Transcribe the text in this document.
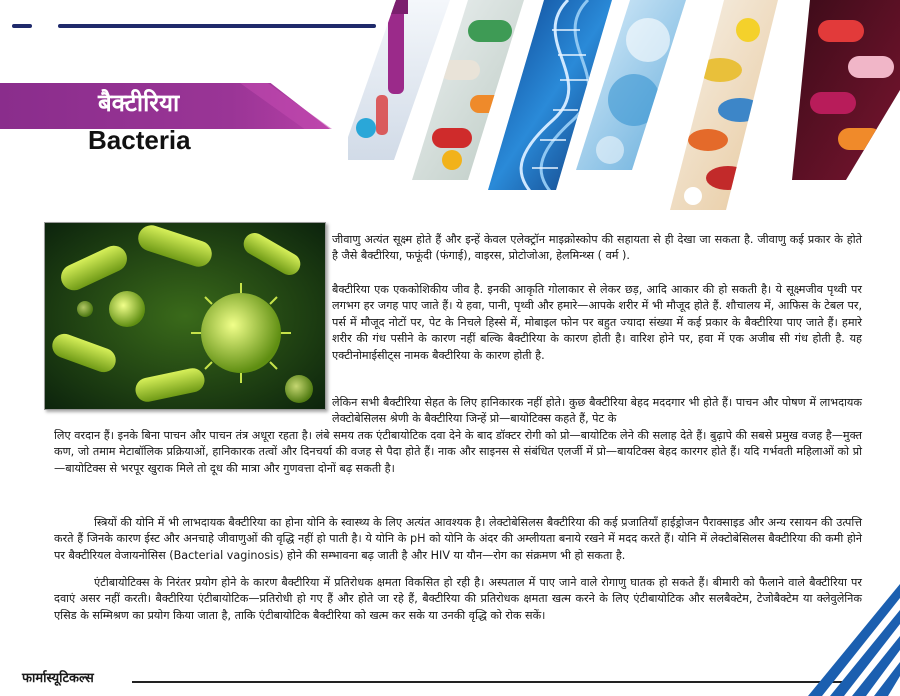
बैक्टीरिया
Bacteria

जीवाणु अत्यंत सूक्ष्म होते हैं और इन्हें केवल एलेक्ट्रॉन माइक्रोस्कोप की सहायता से ही देखा जा सकता है. जीवाणु कई प्रकार के होते है जैसे बैक्टीरिया, फफूंदी (फंगाई), वाइरस, प्रोटोजोआ, हेलमिन्थ्स ( वर्म ).

बैक्टीरिया एक एककोशिकीय जीव है. इनकी आकृति गोलाकार से लेकर छड़, आदि आकार की हो सकती है। ये सूक्ष्मजीव पृथ्वी पर लगभग हर जगह पाए जाते हैं। ये हवा, पानी, पृथ्वी और हमारे—आपके शरीर में भी मौजूद होते हैं. शौचालय में, आफिस के टेबल पर, पर्स में मौजूद नोटों पर, पेट के निचले हिस्से में, मोबाइल फोन पर बहुत ज्यादा संख्या में कई प्रकार के बैक्टीरिया पाए जाते हैं। हमारे शरीर की गंध पसीने के कारण नहीं बल्कि बैक्टीरिया के कारण होती है। वारिश होने पर, हवा में एक अजीब सी गंध होती है. यह एक्टीनोमाईसीट्स नामक बैक्टीरिया के कारण होती है.

लेकिन सभी बैक्टीरिया सेहत के लिए हानिकारक नहीं होते। कुछ बैक्टीरिया बेहद मददगार भी होते हैं। पाचन और पोषण में लाभदायक लेक्टोबेसिलस श्रेणी के बैक्टीरिया जिन्हें प्रो—बायोटिक्स कहते हैं, पेट के

लिए वरदान हैं। इनके बिना पाचन और पाचन तंत्र अधूरा रहता है। लंबे समय तक एंटीबायोटिक दवा देने के बाद डॉक्टर रोगी को प्रो—बायोटिक लेने की सलाह देते हैं। बुढ़ापे की सबसे प्रमुख वजह है—मुक्त कण, जो तमाम मेटाबॉलिक प्रक्रियाओं, हानिकारक तत्वों और दिनचर्या की वजह से पैदा होते हैं। नाक और साइनस से संबंधित एलर्जी में प्रो—बायटिक्स बेहद कारगर होते हैं। यदि गर्भवती महिलाओं को प्रो—बायोटिक्स से भरपूर खुराक मिले तो दूध की मात्रा और गुणवत्ता दोनों बढ़ सकती है।

स्त्रियों की योनि में भी लाभदायक बैक्टीरिया का होना योनि के स्वास्थ्य के लिए अत्यंत आवश्यक है। लेक्टोबेसिलस बैक्टीरिया की कई प्रजातियाँ हाईड्रोजन पैराक्साइड और अन्य रसायन की उत्पत्ति करते हैं जिनके कारण ईस्ट और अनचाहे जीवाणुओं की वृद्धि नहीं हो पाती है। ये योनि के pH को योनि के अंदर की अम्लीयता बनाये रखने में मदद करते हैं। योनि में लेक्टोबेसिलस बैक्टीरिया की कमी होने पर बैक्टीरियल वेजायनोसिस (Bacterial vaginosis) होने की सम्भावना बढ़ जाती है और HIV या यौन—रोग का संक्रमण भी हो सकता है.

एंटीबायोटिक्स के निरंतर प्रयोग होने के कारण बैक्टीरिया में प्रतिरोधक क्षमता विकसित हो रही है। अस्पताल में पाए जाने वाले रोगाणु घातक हो सकते हैं। बीमारी को फैलाने वाले बैक्टीरिया पर दवाएं असर नहीं करती। बैक्टीरिया एंटीबायोटिक—प्रतिरोधी हो गए हैं और होते जा रहे हैं, बैक्टीरिया की प्रतिरोधक क्षमता खत्म करने के लिए एंटीबायोटिक और सलबैक्टेम, टेजोबैक्टेम या क्लेवुलेनिक एसिड के सम्मिश्रण का प्रयोग किया जाता है, ताकि एंटीबायोटिक बैक्टीरिया को खत्म कर सके या उनकी वृद्धि को रोक सकें।

फार्मास्यूटिकल्स
